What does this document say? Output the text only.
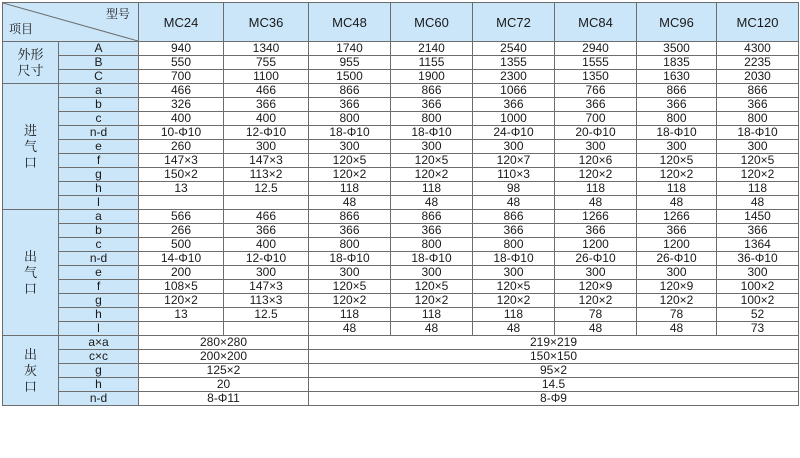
型号
项目		MC24	MC36	MC48	MC60	MC72	MC84	MC96	MC120
外形尺寸	A	940	1340	1740	2140	2540	2940	3500	4300
	B	550	755	955	1155	1355	1555	1835	2235
	C	700	1100	1500	1900	2300	1350	1630	2030
进气口	a	466	466	866	866	1066	766	866	866
	b	326	366	366	366	366	366	366	366
	c	400	400	800	800	1000	700	800	800
	n-d	10-Φ10	12-Φ10	18-Φ10	18-Φ10	24-Φ10	20-Φ10	18-Φ10	18-Φ10
	e	260	300	300	300	300	300	300	300
	f	147×3	147×3	120×5	120×5	120×7	120×6	120×5	120×5
	g	150×2	113×2	120×2	120×2	110×3	120×2	120×2	120×2
	h	13	12.5	118	118	98	118	118	118
	l			48	48	48	48	48	48
出气口	a	566	466	866	866	866	1266	1266	1450
	b	266	366	366	366	366	366	366	366
	c	500	400	800	800	800	1200	1200	1364
	n-d	14-Φ10	12-Φ10	18-Φ10	18-Φ10	18-Φ10	26-Φ10	26-Φ10	36-Φ10
	e	200	300	300	300	300	300	300	300
	f	108×5	147×3	120×5	120×5	120×5	120×9	120×9	100×2
	g	120×2	113×3	120×2	120×2	120×2	120×2	120×2	100×2
	h	13	12.5	118	118	118	78	78	52
	l			48	48	48	48	48	73
出灰口	a×a	280×280		219×219					
	c×c	200×200		150×150					
	g	125×2		95×2					
	h	20		14.5					
	n-d	8-Φ11		8-Φ9					
